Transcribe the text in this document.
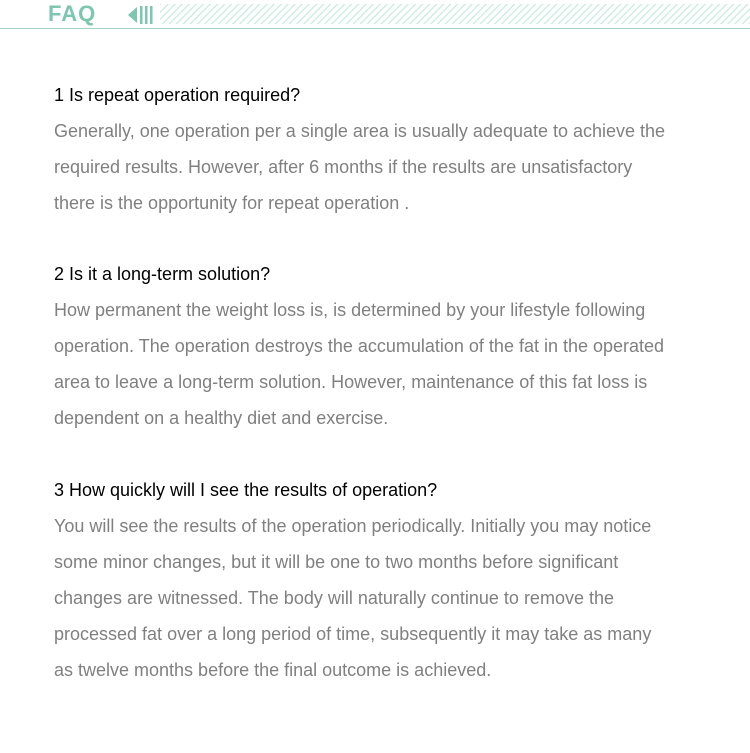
FAQ

1 Is repeat operation required?

Generally, one operation per a single area is usually adequate to achieve the
required results. However, after 6 months if the results are unsatisfactory
there is the opportunity for repeat operation .

2 Is it a long-term solution?

How permanent the weight loss is, is determined by your lifestyle following
operation. The operation destroys the accumulation of the fat in the operated
area to leave a long-term solution. However, maintenance of this fat loss is
dependent on a healthy diet and exercise.

3 How quickly will I see the results of operation?

You will see the results of the operation periodically. Initially you may notice
some minor changes, but it will be one to two months before significant
changes are witnessed. The body will naturally continue to remove the
processed fat over a long period of time, subsequently it may take as many
as twelve months before the final outcome is achieved.
